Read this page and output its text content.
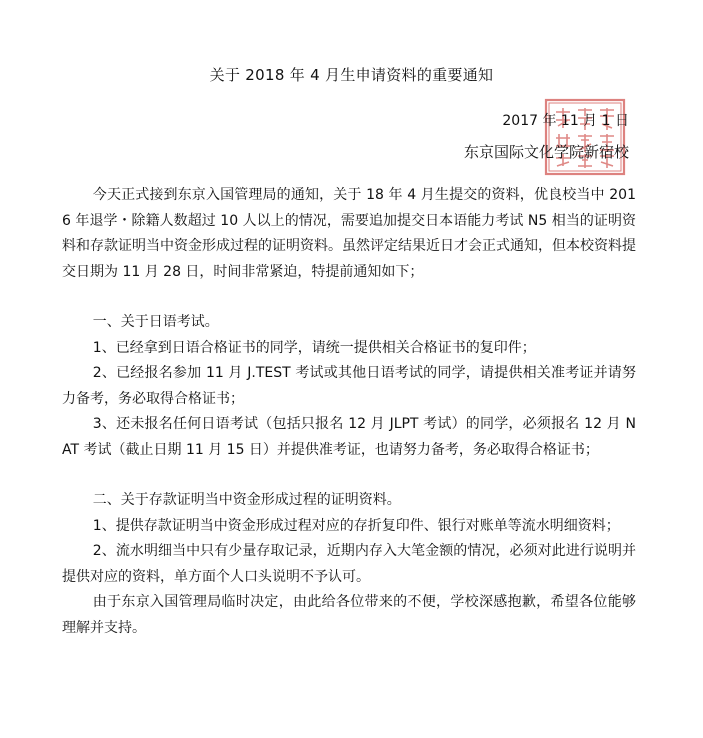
关于 2018 年 4 月生申请资料的重要通知
2017 年 11 月 1 日
东京国际文化学院新宿校

今天正式接到东京入国管理局的通知，关于 18 年 4 月生提交的资料，优良校当中 2016 年退学・除籍人数超过 10 人以上的情况，需要追加提交日本语能力考试 N5 相当的证明资料和存款证明当中资金形成过程的证明资料。虽然评定结果近日才会正式通知，但本校资料提交日期为 11 月 28 日，时间非常紧迫，特提前通知如下；

一、关于日语考试。

1、已经拿到日语合格证书的同学，请统一提供相关合格证书的复印件；

2、已经报名参加 11 月 J.TEST 考试或其他日语考试的同学，请提供相关准考证并请努力备考，务必取得合格证书；

3、还未报名任何日语考试（包括只报名 12 月 JLPT 考试）的同学，必须报名 12 月 NAT 考试（截止日期 11 月 15 日）并提供准考证，也请努力备考，务必取得合格证书；

二、关于存款证明当中资金形成过程的证明资料。

1、提供存款证明当中资金形成过程对应的存折复印件、银行对账单等流水明细资料；

2、流水明细当中只有少量存取记录，近期内存入大笔金额的情况，必须对此进行说明并提供对应的资料，单方面个人口头说明不予认可。

由于东京入国管理局临时决定，由此给各位带来的不便，学校深感抱歉，希望各位能够理解并支持。
